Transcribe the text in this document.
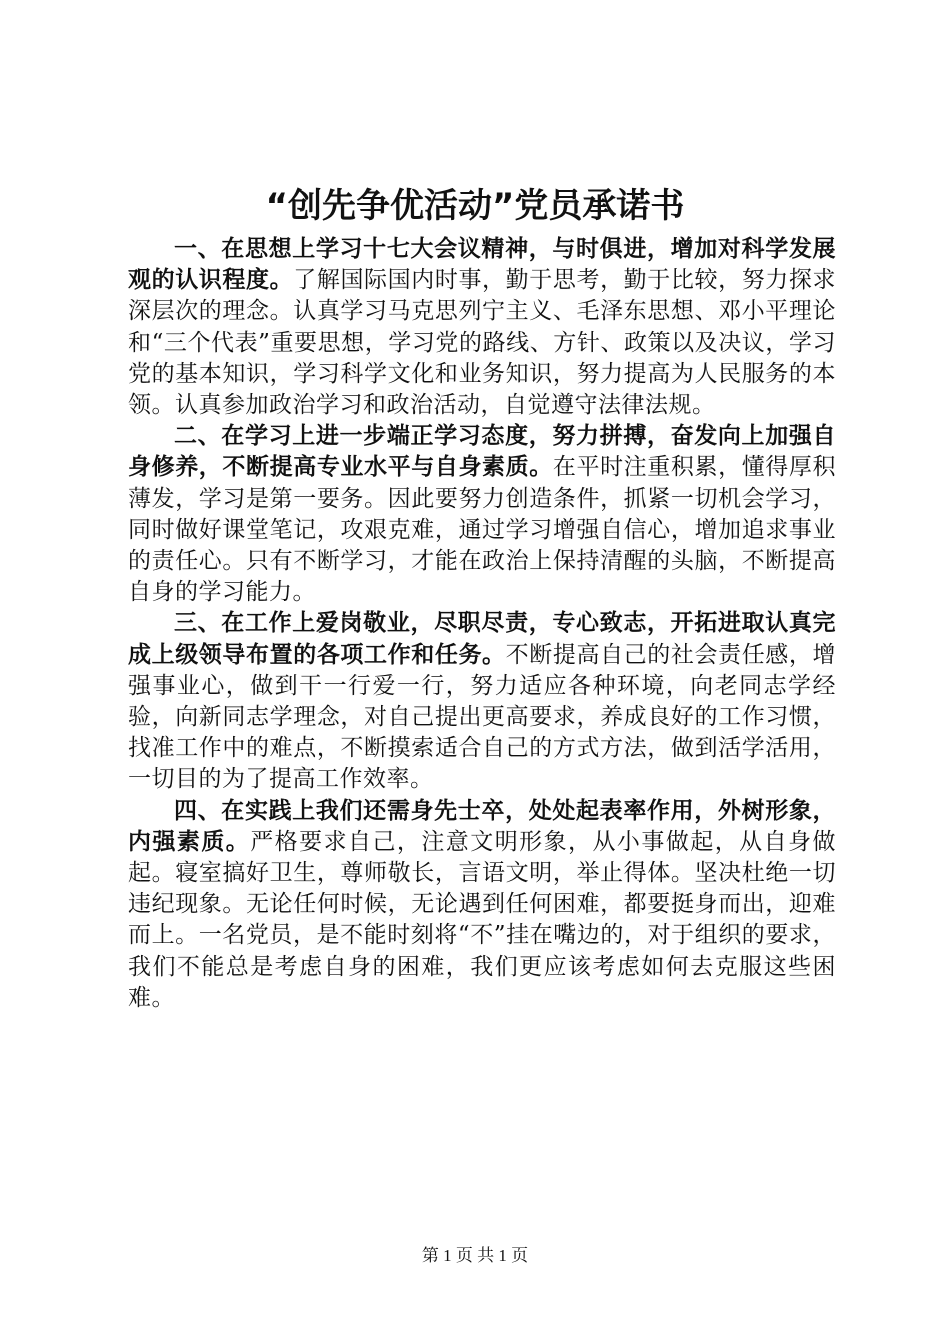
“创先争优活动”党员承诺书

一、在思想上学习十七大会议精神，与时俱进，增加对科学发展观的认识程度。了解国际国内时事，勤于思考，勤于比较，努力探求深层次的理念。认真学习马克思列宁主义、毛泽东思想、邓小平理论和“三个代表”重要思想，学习党的路线、方针、政策以及决议，学习党的基本知识，学习科学文化和业务知识，努力提高为人民服务的本领。认真参加政治学习和政治活动，自觉遵守法律法规。

二、在学习上进一步端正学习态度，努力拼搏，奋发向上加强自身修养，不断提高专业水平与自身素质。在平时注重积累，懂得厚积薄发，学习是第一要务。因此要努力创造条件，抓紧一切机会学习，同时做好课堂笔记，攻艰克难，通过学习增强自信心，增加追求事业的责任心。只有不断学习，才能在政治上保持清醒的头脑，不断提高自身的学习能力。

三、在工作上爱岗敬业，尽职尽责，专心致志，开拓进取认真完成上级领导布置的各项工作和任务。不断提高自己的社会责任感，增强事业心，做到干一行爱一行，努力适应各种环境，向老同志学经验，向新同志学理念，对自己提出更高要求，养成良好的工作习惯，找准工作中的难点，不断摸索适合自己的方式方法，做到活学活用，一切目的为了提高工作效率。

四、在实践上我们还需身先士卒，处处起表率作用，外树形象，内强素质。严格要求自己，注意文明形象，从小事做起，从自身做起。寝室搞好卫生，尊师敬长，言语文明，举止得体。坚决杜绝一切违纪现象。无论任何时候，无论遇到任何困难，都要挺身而出，迎难而上。一名党员，是不能时刻将“不”挂在嘴边的，对于组织的要求，我们不能总是考虑自身的困难，我们更应该考虑如何去克服这些困难。

第 1 页 共 1 页
